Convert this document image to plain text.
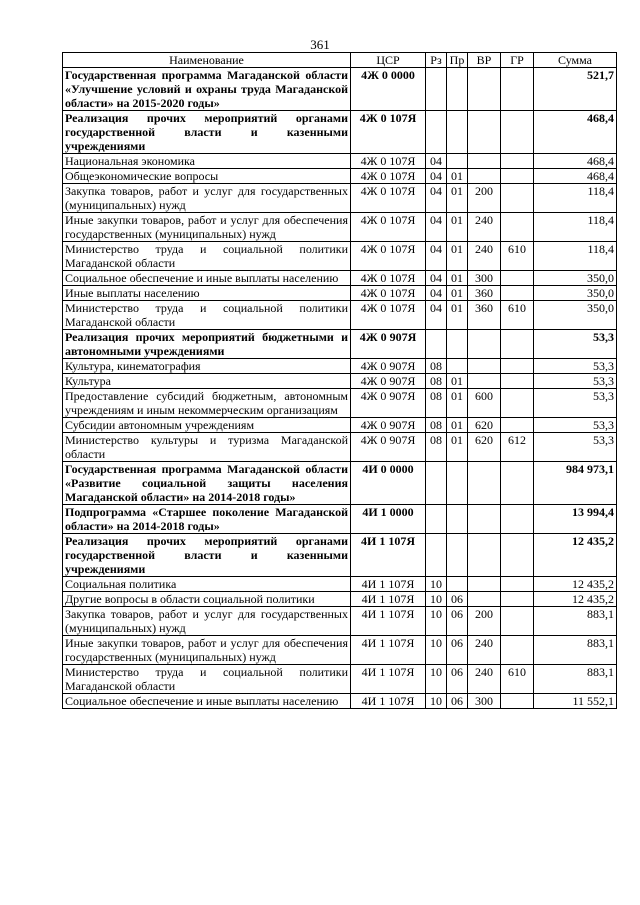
361
Наименование	ЦСР	Рз	Пр	ВР	ГР	Сумма
Государственная программа Магаданской области «Улучшение условий и охраны труда Магаданской области» на 2015-2020 годы»	4Ж 0 0000					521,7
Реализация прочих мероприятий органами государственной власти и казенными учреждениями	4Ж 0 107Я					468,4
Национальная экономика	4Ж 0 107Я	04				468,4
Общеэкономические вопросы	4Ж 0 107Я	04	01			468,4
Закупка товаров, работ и услуг для государственных (муниципальных) нужд	4Ж 0 107Я	04	01	200		118,4
Иные закупки товаров, работ и услуг для обеспечения государственных (муниципальных) нужд	4Ж 0 107Я	04	01	240		118,4
Министерство труда и социальной политики Магаданской области	4Ж 0 107Я	04	01	240	610	118,4
Социальное обеспечение и иные выплаты населению	4Ж 0 107Я	04	01	300		350,0
Иные выплаты населению	4Ж 0 107Я	04	01	360		350,0
Министерство труда и социальной политики Магаданской области	4Ж 0 107Я	04	01	360	610	350,0
Реализация прочих мероприятий бюджетными и автономными учреждениями	4Ж 0 907Я					53,3
Культура, кинематография	4Ж 0 907Я	08				53,3
Культура	4Ж 0 907Я	08	01			53,3
Предоставление субсидий бюджетным, автономным учреждениям и иным некоммерческим организациям	4Ж 0 907Я	08	01	600		53,3
Субсидии автономным учреждениям	4Ж 0 907Я	08	01	620		53,3
Министерство культуры и туризма Магаданской области	4Ж 0 907Я	08	01	620	612	53,3
Государственная программа Магаданской области «Развитие социальной защиты населения Магаданской области» на 2014-2018 годы»	4И 0 0000					984 973,1
Подпрограмма «Старшее поколение Магаданской области» на 2014-2018 годы»	4И 1 0000					13 994,4
Реализация прочих мероприятий органами государственной власти и казенными учреждениями	4И 1 107Я					12 435,2
Социальная политика	4И 1 107Я	10				12 435,2
Другие вопросы в области социальной политики	4И 1 107Я	10	06			12 435,2
Закупка товаров, работ и услуг для государственных (муниципальных) нужд	4И 1 107Я	10	06	200		883,1
Иные закупки товаров, работ и услуг для обеспечения государственных (муниципальных) нужд	4И 1 107Я	10	06	240		883,1
Министерство труда и социальной политики Магаданской области	4И 1 107Я	10	06	240	610	883,1
Социальное обеспечение и иные выплаты населению	4И 1 107Я	10	06	300		11 552,1
